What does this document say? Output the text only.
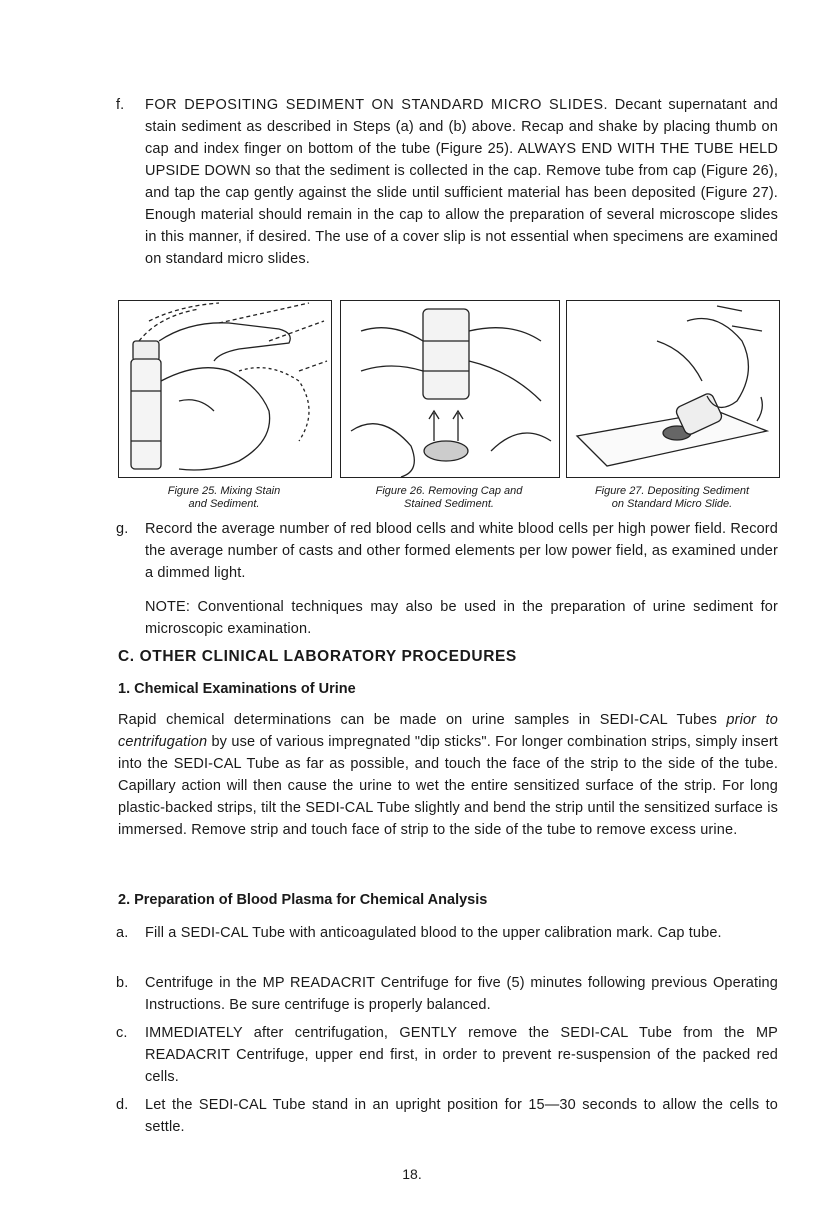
f. FOR DEPOSITING SEDIMENT ON STANDARD MICRO SLIDES. Decant supernatant and stain sediment as described in Steps (a) and (b) above. Recap and shake by placing thumb on cap and index finger on bottom of the tube (Figure 25). ALWAYS END WITH THE TUBE HELD UPSIDE DOWN so that the sediment is collected in the cap. Remove tube from cap (Figure 26), and tap the cap gently against the slide until sufficient material has been deposited (Figure 27). Enough material should remain in the cap to allow the preparation of several microscope slides in this manner, if desired. The use of a cover slip is not essential when specimens are examined on standard micro slides.
Figure 25. Mixing Stain
and Sediment.
Figure 26. Removing Cap and
Stained Sediment.
Figure 27. Depositing Sediment
on Standard Micro Slide.
g. Record the average number of red blood cells and white blood cells per high power field. Record the average number of casts and other formed elements per low power field, as examined under a dimmed light.
NOTE: Conventional techniques may also be used in the preparation of urine sediment for microscopic examination.
C. OTHER CLINICAL LABORATORY PROCEDURES
1. Chemical Examinations of Urine
Rapid chemical determinations can be made on urine samples in SEDI-CAL Tubes prior to centrifugation by use of various impregnated "dip sticks". For longer combination strips, simply insert into the SEDI-CAL Tube as far as possible, and touch the face of the strip to the side of the tube. Capillary action will then cause the urine to wet the entire sensitized surface of the strip. For long plastic-backed strips, tilt the SEDI-CAL Tube slightly and bend the strip until the sensitized surface is immersed. Remove strip and touch face of strip to the side of the tube to remove excess urine.
2. Preparation of Blood Plasma for Chemical Analysis
a. Fill a SEDI-CAL Tube with anticoagulated blood to the upper calibration mark. Cap tube.
b. Centrifuge in the MP READACRIT Centrifuge for five (5) minutes following previous Operating Instructions. Be sure centrifuge is properly balanced.
c. IMMEDIATELY after centrifugation, GENTLY remove the SEDI-CAL Tube from the MP READACRIT Centrifuge, upper end first, in order to prevent re-suspension of the packed red cells.
d. Let the SEDI-CAL Tube stand in an upright position for 15—30 seconds to allow the cells to settle.
18.
